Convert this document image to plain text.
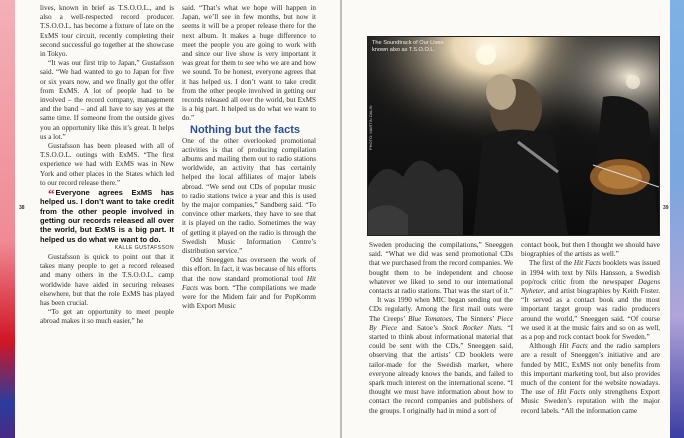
38	39

lives, known in brief as T.S.O.O.L., and is also a well-respected record producer. T.S.O.O.L. has become a fixture of late on the ExMS tour circuit, recently completing their second successful go together at the showcase in Tokyo.

“It was our first trip to Japan,” Gustafsson said. “We had wanted to go to Japan for five or six years now, and we finally got the offer from ExMS. A lot of people had to be involved – the record company, management and the band – and all have to say yes at the same time. If someone from the outside gives you an opportunity like this it’s great. It helps us a lot.”

Gustafsson has been pleased with all of T.S.O.O.L. outings with ExMS. “The first experience we had with ExMS was in New York and other places in the States which led to our record release there.”

“Everyone agrees ExMS has helped us. I don’t want to take credit from the other people involved in getting our records released all over the world, but ExMS is a big part. It helped us do what we want to do.

KALLE GUSTAFSSON

Gustafsson is quick to point out that it takes many people to get a record released and many others in the T.S.O.O.L. camp worldwide have aided in securing releases elsewhere, but that the role ExMS has played has been crucial.

“To get an opportunity to meet people abroad makes it so much easier,” he

said. “That’s what we hope will happen in Japan, we’ll see in few months, but now it seems it will be a proper release there for the next album. It makes a huge difference to meet the people you are going to work with and since our live show is very important it was great for them to see who we are and how we sound. To be honest, everyone agrees that it has helped us. I don’t want to take credit from the other people involved in getting our records released all over the world, but ExMS is a big part. It helped us do what we want to do.”

Nothing but the facts

One of the other overlooked promotional activities is that of producing compilation albums and mailing them out to radio stations worldwide, an activity that has certainly helped the local affiliates of major labels abroad. “We send out CDs of popular music to radio stations twice a year and this is used by the major companies,” Sandberg said. “To convince other markets, they have to see that it is played on the radio. Sometimes the way of getting it played on the radio is through the Swedish Music Information Centre’s distribution service.”

Odd Sneeggen has overseen the work of this effort. In fact, it was because of his efforts that the now standard promotional tool Hit Facts was born. “The compilations we made were for the Midem fair and for PopKomm with Export Music

The Soundtrack of Our Lives: known also as T.S.O.O.L.
PHOTO: MARTIN DALIN

Sweden producing the compilations,” Sneeggen said. “What we did was send promotional CDs that we purchased from the record companies. We bought them to be independent and choose whatever we liked to send to our international contacts at radio stations. That was the start of it.”

It was 1990 when MIC began sending out the CDs regularly. Among the first mail outs were The Creeps’ Blue Tomatoes, The Sinners’ Piece By Piece and Satoe’s Stock Rocker Nuts. “I started to think about informational material that could be sent with the CDs,” Sneeggen said, observing that the artists’ CD booklets were tailor-made for the Swedish market, where everyone already knows the bands, and failed to spark much interest on the international scene. “I thought we must have information about how to contact the record companies and publishers of the groups. I originally had in mind a sort of

contact book, but then I thought we should have biographies of the artists as well.”

The first of the Hit Facts booklets was issued in 1994 with text by Nils Hansson, a Swedish pop/rock critic from the newspaper Dagens Nyheter, and artist biographies by Keith Foster. “It served as a contact book and the most important target group was radio producers around the world,” Sneeggen said. “Of course we used it at the music fairs and so on as well, as a pop and rock contact book for Sweden.”

Although Hit Facts and the radio samplers are a result of Sneeggen’s initiative and are funded by MIC, ExMS not only benefits from this important marketing tool, but also provides much of the content for the website nowadays. The use of Hit Facts only strengthens Export Music Sweden’s reputation with the major record labels. “All the information came
